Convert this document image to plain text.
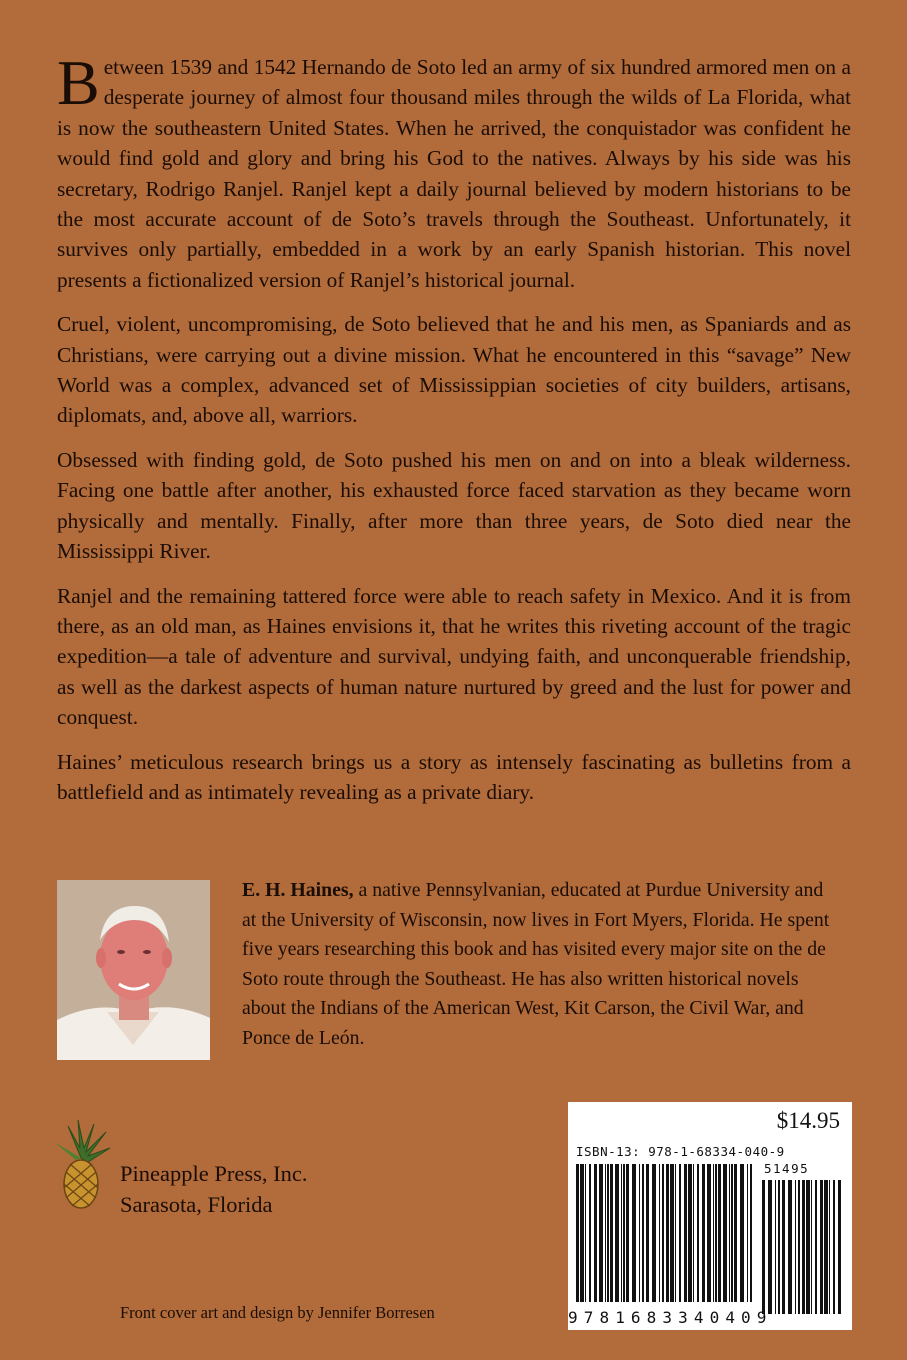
Between 1539 and 1542 Hernando de Soto led an army of six hundred armored men on a desperate journey of almost four thousand miles through the wilds of La Florida, what is now the southeastern United States. When he arrived, the conquistador was confident he would find gold and glory and bring his God to the natives. Always by his side was his secretary, Rodrigo Ranjel. Ranjel kept a daily journal believed by modern historians to be the most accurate account of de Soto’s travels through the Southeast. Unfortunately, it survives only partially, embedded in a work by an early Spanish historian. This novel presents a fictionalized version of Ranjel’s historical journal.

Cruel, violent, uncompromising, de Soto believed that he and his men, as Spaniards and as Christians, were carrying out a divine mission. What he encountered in this “savage” New World was a complex, advanced set of Mississippian societies of city builders, artisans, diplomats, and, above all, warriors.

Obsessed with finding gold, de Soto pushed his men on and on into a bleak wilderness. Facing one battle after another, his exhausted force faced starvation as they became worn physically and mentally. Finally, after more than three years, de Soto died near the Mississippi River.

Ranjel and the remaining tattered force were able to reach safety in Mexico. And it is from there, as an old man, as Haines envisions it, that he writes this riveting account of the tragic expedition—a tale of adventure and survival, undying faith, and unconquerable friendship, as well as the darkest aspects of human nature nurtured by greed and the lust for power and conquest.

Haines’ meticulous research brings us a story as intensely fascinating as bulletins from a battlefield and as intimately revealing as a private diary.

E. H. Haines, a native Pennsylvanian, educated at Purdue University and at the University of Wisconsin, now lives in Fort Myers, Florida. He spent five years researching this book and has visited every major site on the de Soto route through the Southeast. He has also written historical novels about the Indians of the American West, Kit Carson, the Civil War, and Ponce de León.
Pineapple Press, Inc.
Sarasota, Florida
Front cover art and design by Jennifer Borresen
$14.95
ISBN-13: 978-1-68334-040-9
51495
9781683340409
